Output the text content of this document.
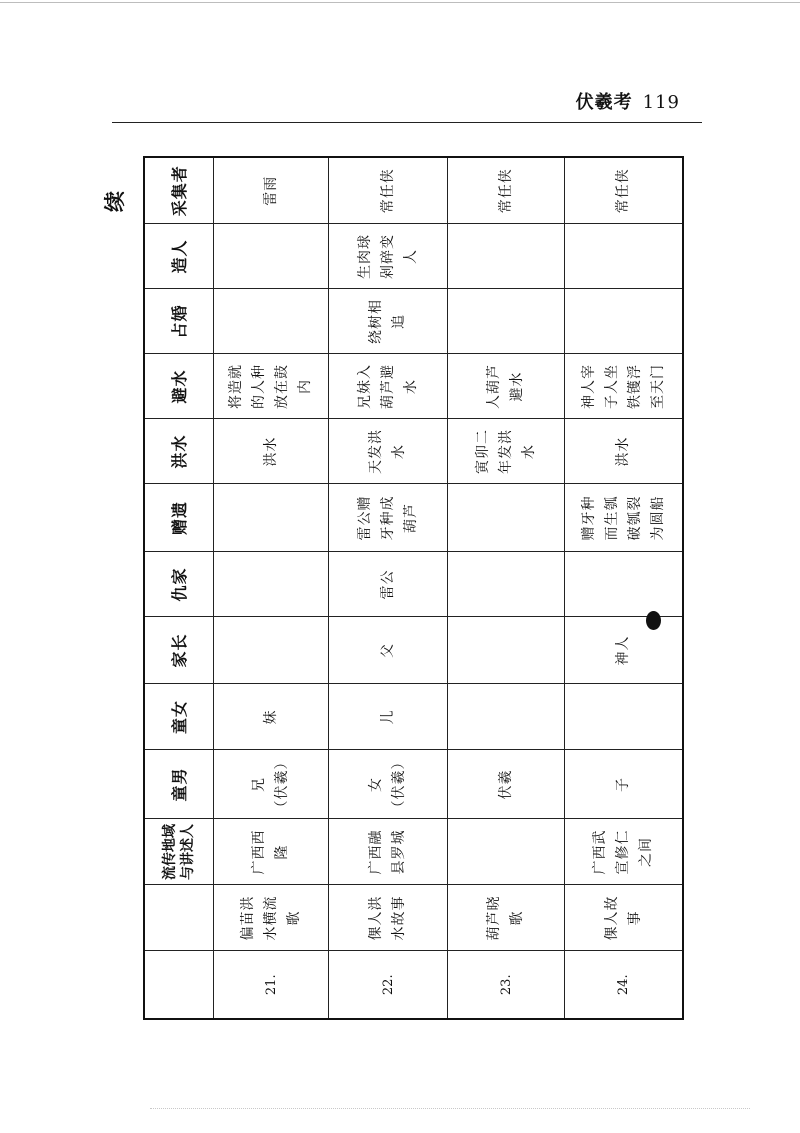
伏羲考 119
续
		流传地域与讲述人	童男	童女	家长	仇家	赠遗	洪水	避水	占婚	造人	采集者
21.	偏苗洪 水横流 歌	广西西 隆	兄 （伏羲）	妹				洪水	将造就 的人种 放在鼓 内			雷雨

22.	倮人洪 水故事	广西融 县罗城	女 （伏羲）	儿	父	雷公	雷公赠 牙种成 葫芦	天发洪 水	兄妹入 葫芦避 水	绕树相 追	生肉球 剁碎变 人	常任侠

23.	葫芦晓 歌		伏羲					寅卯二 年发洪 水	人葫芦 避水			常任侠

24.	倮人故 事	广西武 宣修仁 之间	子		神人		赠牙种 而生瓠 破瓠裂 为圆船	洪水	神人宰 子人坐 铁镬浮 至天门			常任侠
